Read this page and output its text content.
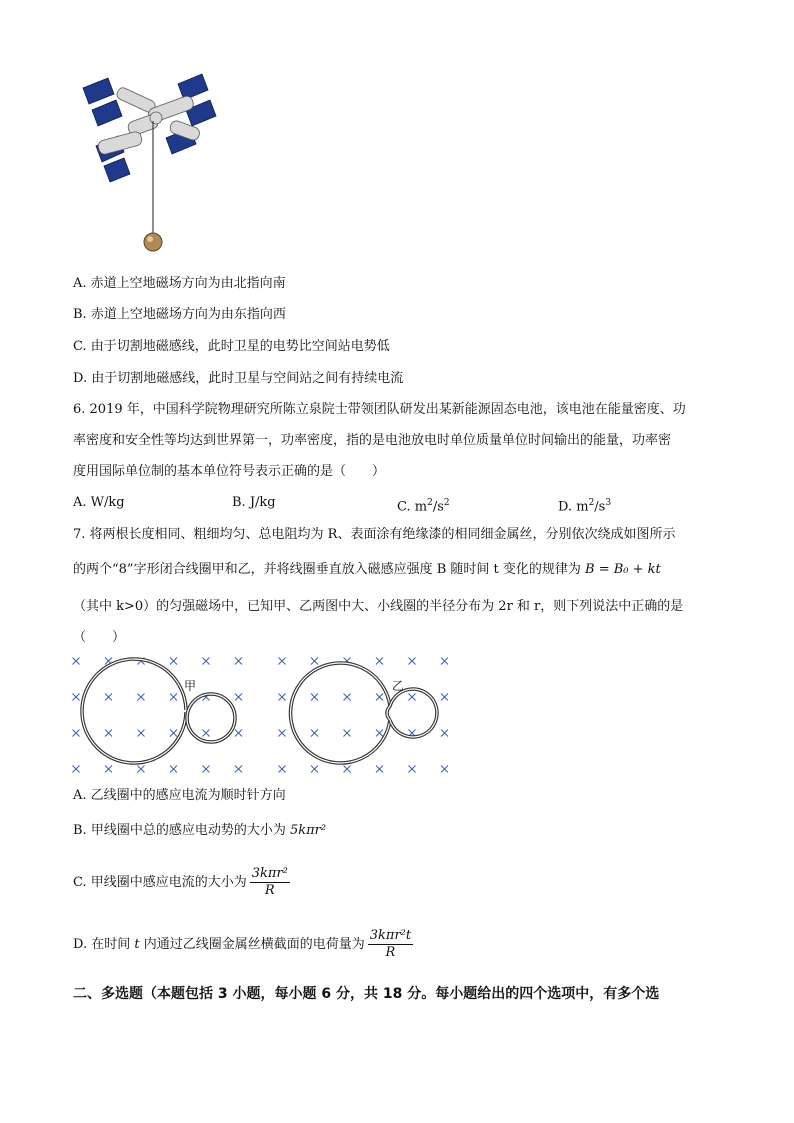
A. 赤道上空地磁场方向为由北指向南
B. 赤道上空地磁场方向为由东指向西
C. 由于切割地磁感线，此时卫星的电势比空间站电势低
D. 由于切割地磁感线，此时卫星与空间站之间有持续电流
6. 2019 年，中国科学院物理研究所陈立泉院士带领团队研发出某新能源固态电池，该电池在能量密度、功
率密度和安全性等均达到世界第一，功率密度，指的是电池放电时单位质量单位时间输出的能量，功率密
度用国际单位制的基本单位符号表示正确的是（　　）
A. W/kg	B. J/kg	C. $m^2/s^2$	D. $m^2/s^3$
7. 将两根长度相同、粗细均匀、总电阻均为 R、表面涂有绝缘漆的相同细金属丝，分别依次绕成如图所示
的两个“8”字形闭合线圈甲和乙，并将线圈垂直放入磁感应强度 B 随时间 t 变化的规律为 B = B₀ + kt
（其中 k>0）的匀强磁场中，已知甲、乙两图中大、小线圈的半径分布为 2r 和 r，则下列说法中正确的是
（　　）
甲	乙
A. 乙线圈中的感应电流为顺时针方向
B. 甲线圈中总的感应电动势的大小为 5kπr²
C. 甲线圈中感应电流的大小为 $\frac{\text{3kπr²}}{R}$
D. 在时间 t 内通过乙线圈金属丝横截面的电荷量为 $\frac{\text{3kπr²t}}{R}$
二、多选题（本题包括 3 小题，每小题 6 分，共 18 分。每小题给出的四个选项中，有多个选
